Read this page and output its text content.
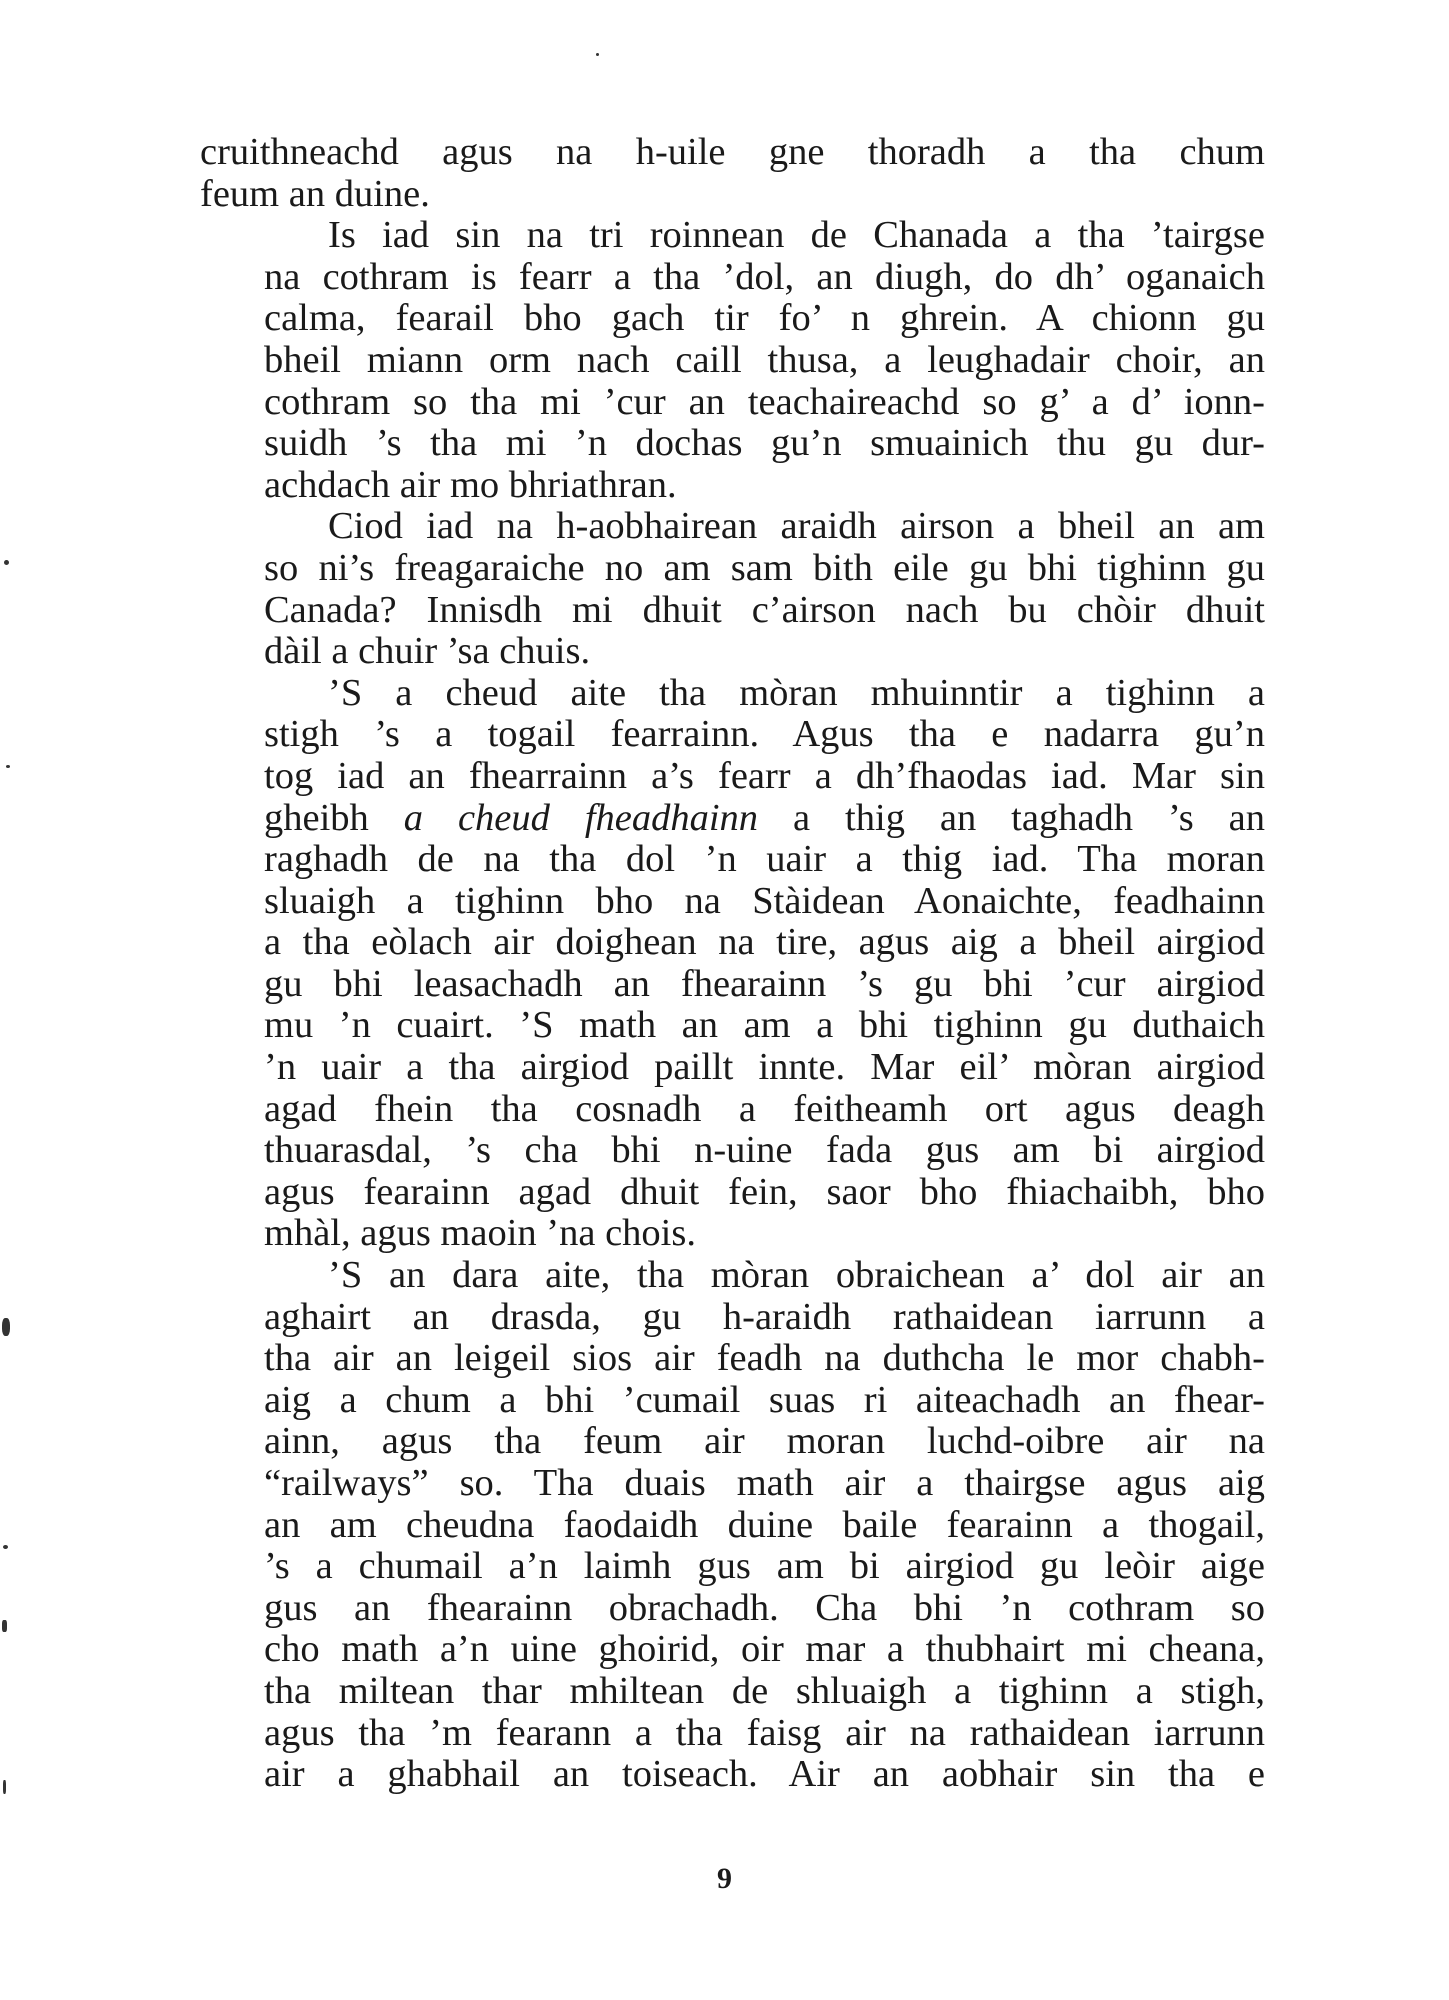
cruithneachd agus na h-uile gne thoradh a tha chum
feum an duine.
Is iad sin na tri roinnean de Chanada a tha ’tairgse
na cothram is fearr a tha ’dol, an diugh, do dh’ oganaich
calma, fearail bho gach tir fo’ n ghrein. A chionn gu
bheil miann orm nach caill thusa, a leughadair choir, an
cothram so tha mi ’cur an teachaireachd so g’ a d’ ionn-
suidh ’s tha mi ’n dochas gu’n smuainich thu gu dur-
achdach air mo bhriathran.
Ciod iad na h-aobhairean araidh airson a bheil an am
so ni’s freagaraiche no am sam bith eile gu bhi tighinn gu
Canada? Innisdh mi dhuit c’airson nach bu chòir dhuit
dàil a chuir ’sa chuis.
’S a cheud aite tha mòran mhuinntir a tighinn a
stigh ’s a togail fearrainn. Agus tha e nadarra gu’n
tog iad an fhearrainn a’s fearr a dh’fhaodas iad. Mar sin
gheibh a cheud fheadhainn a thig an taghadh ’s an
raghadh de na tha dol ’n uair a thig iad. Tha moran
sluaigh a tighinn bho na Stàidean Aonaichte, feadhainn
a tha eòlach air doighean na tire, agus aig a bheil airgiod
gu bhi leasachadh an fhearainn ’s gu bhi ’cur airgiod
mu ’n cuairt. ’S math an am a bhi tighinn gu duthaich
’n uair a tha airgiod paillt innte. Mar eil’ mòran airgiod
agad fhein tha cosnadh a feitheamh ort agus deagh
thuarasdal, ’s cha bhi n-uine fada gus am bi airgiod
agus fearainn agad dhuit fein, saor bho fhiachaibh, bho
mhàl, agus maoin ’na chois.
’S an dara aite, tha mòran obraichean a’ dol air an
aghairt an drasda, gu h-araidh rathaidean iarrunn a
tha air an leigeil sios air feadh na duthcha le mor chabh-
aig a chum a bhi ’cumail suas ri aiteachadh an fhear-
ainn, agus tha feum air moran luchd-oibre air na
“railways” so. Tha duais math air a thairgse agus aig
an am cheudna faodaidh duine baile fearainn a thogail,
’s a chumail a’n laimh gus am bi airgiod gu leòir aige
gus an fhearainn obrachadh. Cha bhi ’n cothram so
cho math a’n uine ghoirid, oir mar a thubhairt mi cheana,
tha miltean thar mhiltean de shluaigh a tighinn a stigh,
agus tha ’m fearann a tha faisg air na rathaidean iarrunn
air a ghabhail an toiseach. Air an aobhair sin tha e
9
